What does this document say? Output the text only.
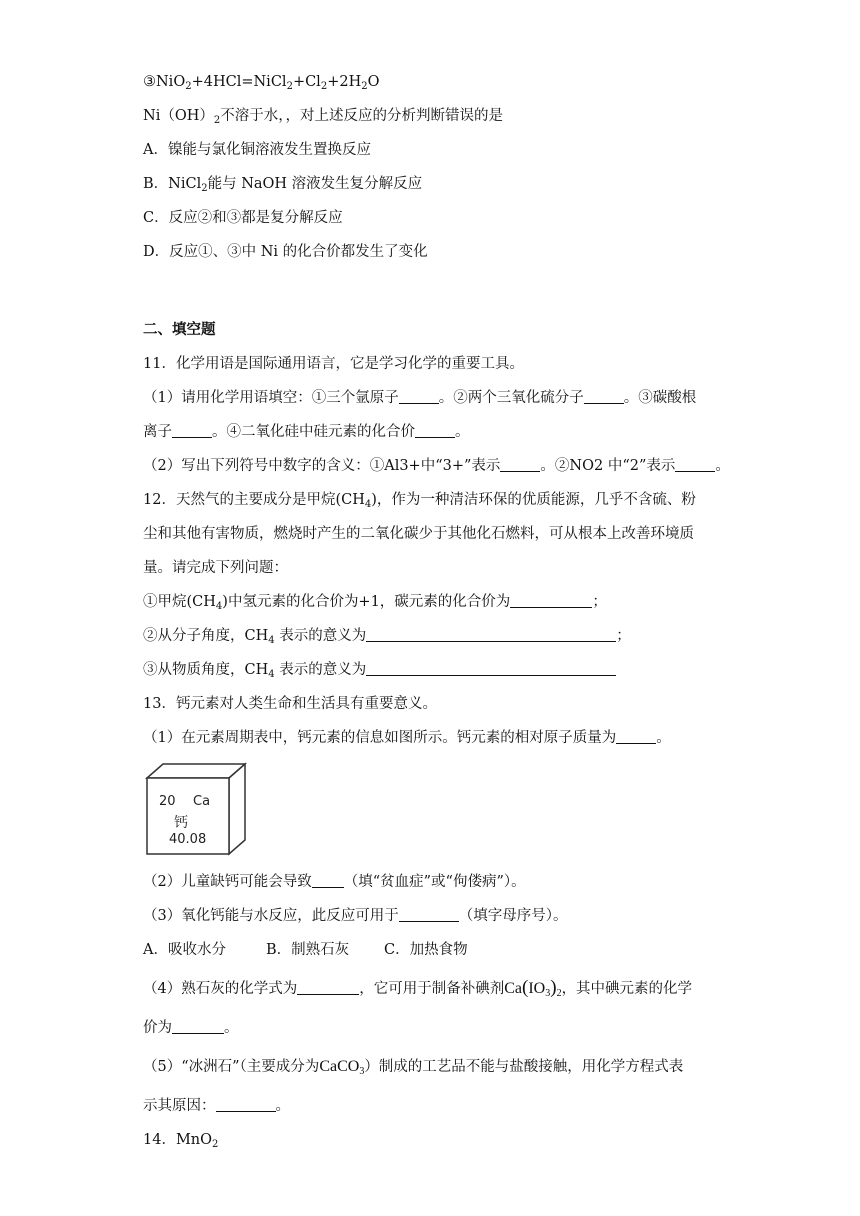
$③NiO_2+4HCl=NiCl_2+Cl_2+2H_2O$
$Ni(OH)_2$不溶于水，，对上述反应的分析判断错误的是
A．镍能与氯化铜溶液发生置换反应
B．NiCl$_2$能与 NaOH 溶液发生复分解反应
C．反应②和③都是复分解反应
D．反应①、③中 Ni 的化合价都发生了变化
二、填空题
11．化学用语是国际通用语言，它是学习化学的重要工具。
（1）请用化学用语填空：①三个氩原子	。②两个三氧化硫分子	。③碳酸根
离子	。④二氧化硅中硅元素的化合价	。
（2）写出下列符号中数字的含义：①Al3+中“3+”表示	。②NO2 中“2”表示	。
12．天然气的主要成分是甲烷$(CH_4)$，作为一种清洁环保的优质能源，几乎不含硫、粉
尘和其他有害物质，燃烧时产生的二氧化碳少于其他化石燃料，可从根本上改善环境质
量。请完成下列问题：
①甲烷$(CH_4)$中氢元素的化合价为+1，碳元素的化合价为	；
②从分子角度，$CH_4$ 表示的意义为	；
③从物质角度，$CH_4$ 表示的意义为
13．钙元素对人类生命和生活具有重要意义。
（1）在元素周期表中，钙元素的信息如图所示。钙元素的相对原子质量为	。
20 Ca
钙
40.08
（2）儿童缺钙可能会导致 （填“贫血症”或“佝偻病”）。
（3）氧化钙能与水反应，此反应可用于	（填字母序号）。
A．吸收水分	B．制熟石灰 C．加热食物
（4）熟石灰的化学式为	，它可用于制备补碘剂$Ca(IO_3)_2$，其中碘元素的化学
价为	。
（5）“冰洲石”（主要成分为CaCO$_3$）制成的工艺品不能与盐酸接触，用化学方程式表
示其原因：	。
14．MnO$_2$
